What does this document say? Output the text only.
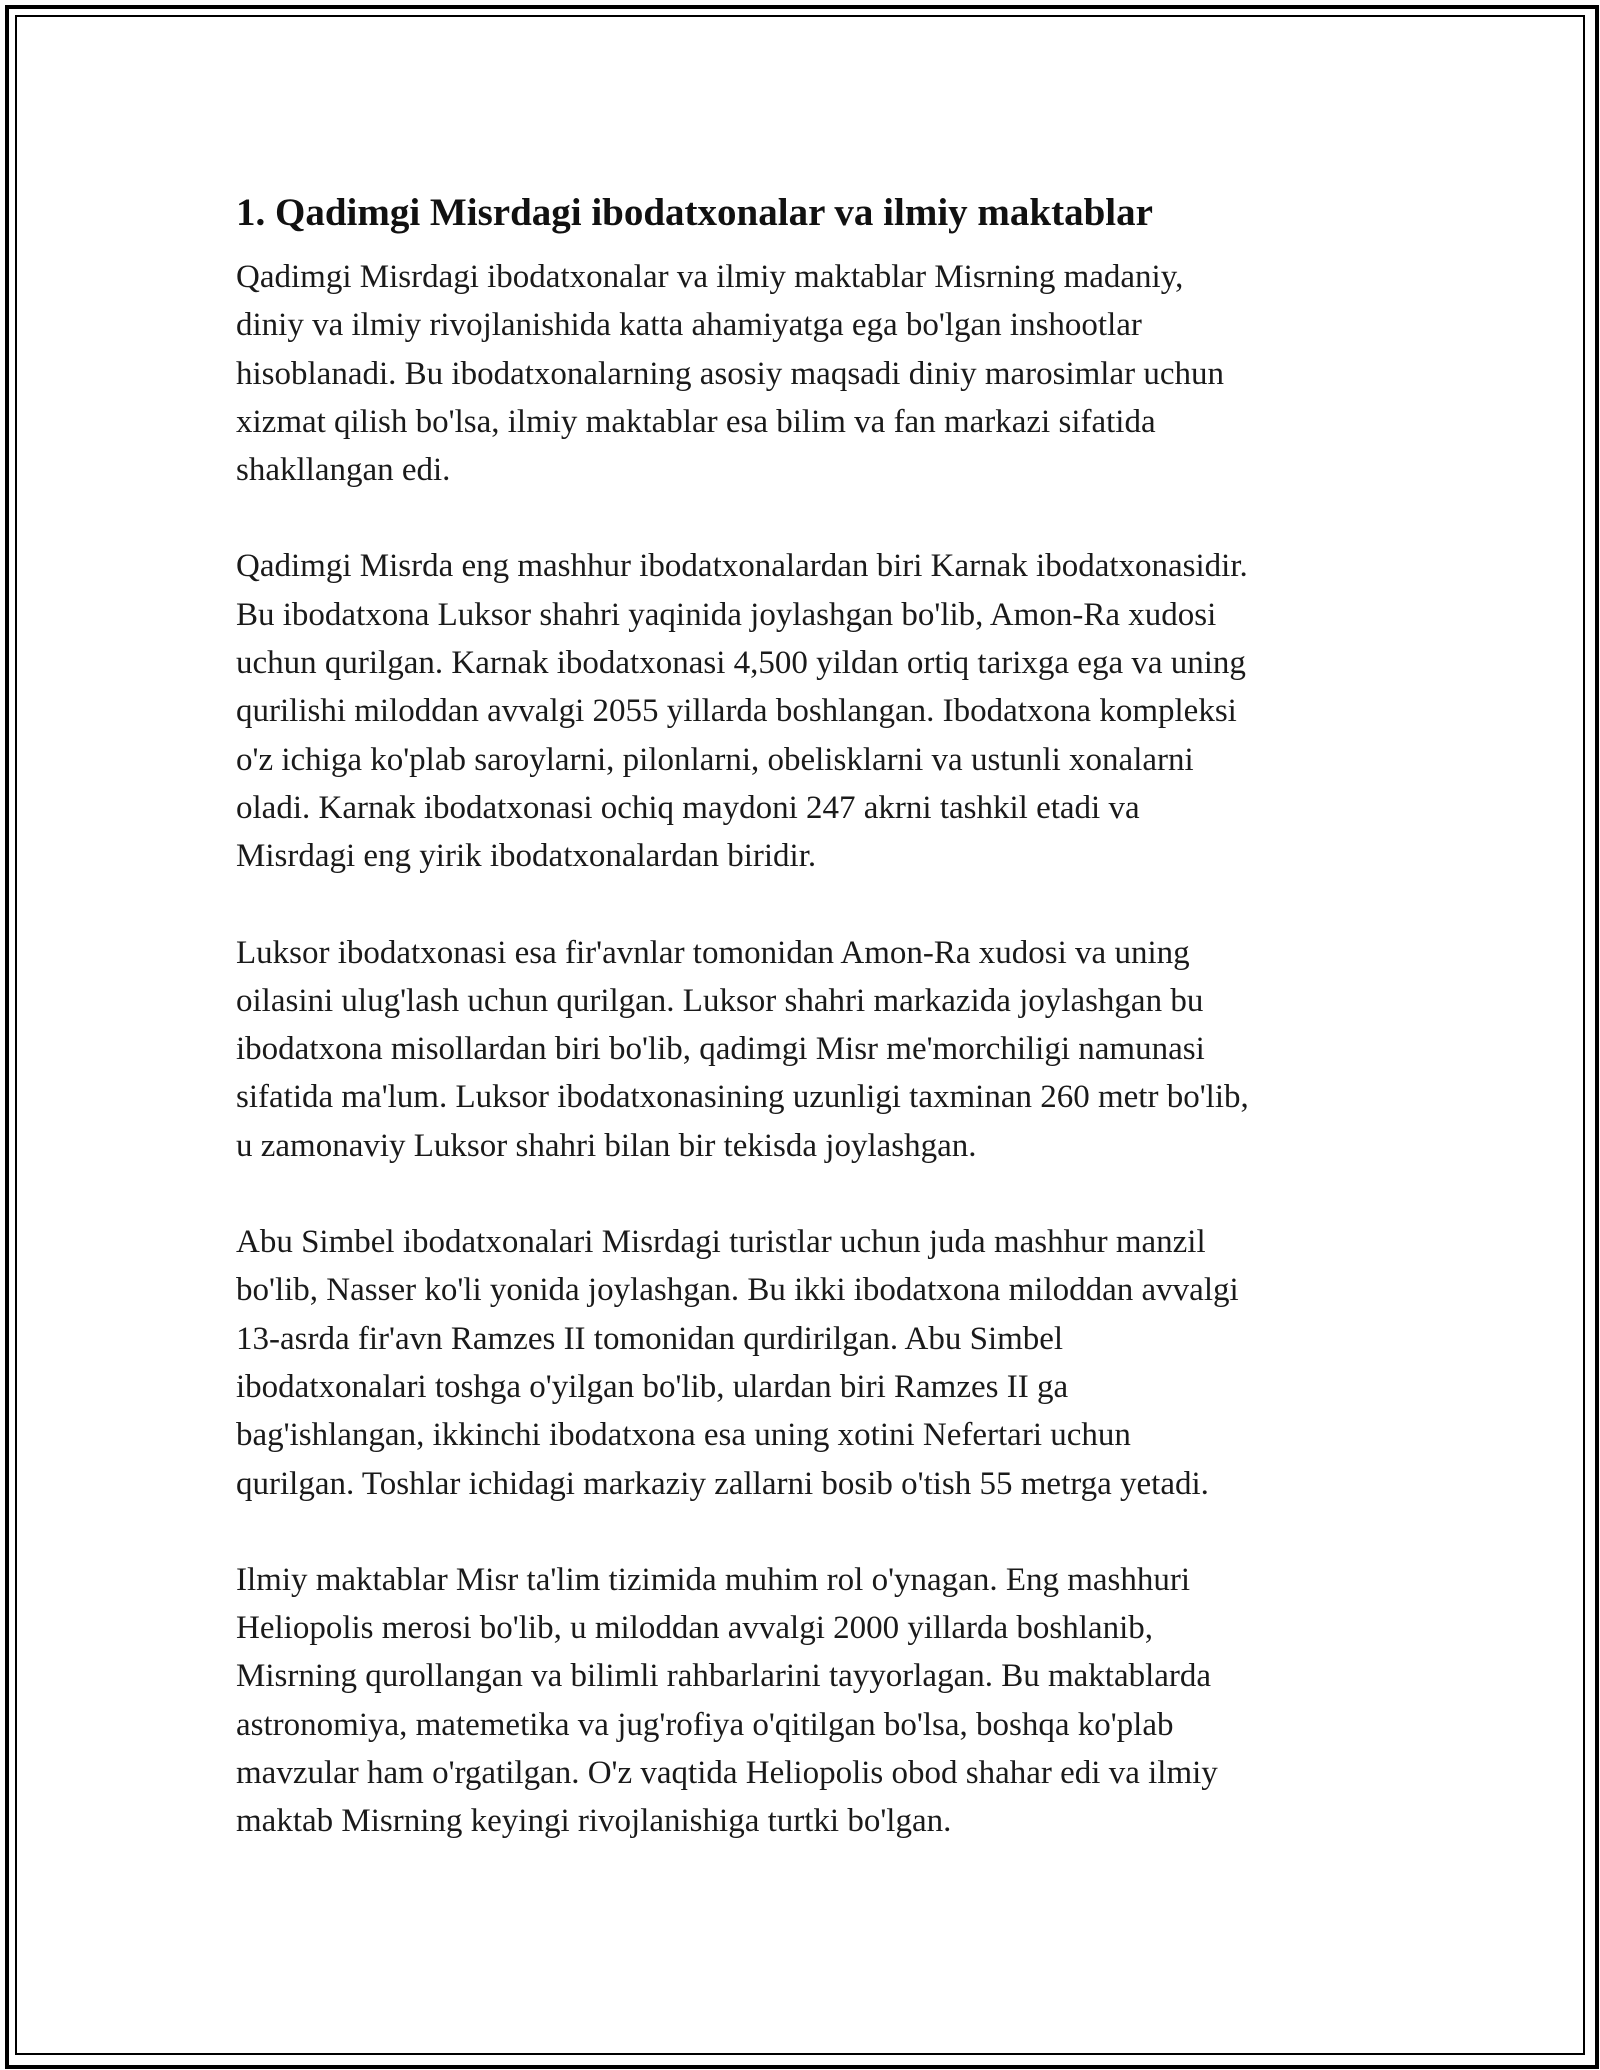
1. Qadimgi Misrdagi ibodatxonalar va ilmiy maktablar
Qadimgi Misrdagi ibodatxonalar va ilmiy maktablar Misrning madaniy,
diniy va ilmiy rivojlanishida katta ahamiyatga ega bo'lgan inshootlar
hisoblanadi. Bu ibodatxonalarning asosiy maqsadi diniy marosimlar uchun
xizmat qilish bo'lsa, ilmiy maktablar esa bilim va fan markazi sifatida
shakllangan edi.
Qadimgi Misrda eng mashhur ibodatxonalardan biri Karnak ibodatxonasidir.
Bu ibodatxona Luksor shahri yaqinida joylashgan bo'lib, Amon-Ra xudosi
uchun qurilgan. Karnak ibodatxonasi 4,500 yildan ortiq tarixga ega va uning
qurilishi miloddan avvalgi 2055 yillarda boshlangan. Ibodatxona kompleksi
o'z ichiga ko'plab saroylarni, pilonlarni, obelisklarni va ustunli xonalarni
oladi. Karnak ibodatxonasi ochiq maydoni 247 akrni tashkil etadi va
Misrdagi eng yirik ibodatxonalardan biridir.
Luksor ibodatxonasi esa fir'avnlar tomonidan Amon-Ra xudosi va uning
oilasini ulug'lash uchun qurilgan. Luksor shahri markazida joylashgan bu
ibodatxona misollardan biri bo'lib, qadimgi Misr me'morchiligi namunasi
sifatida ma'lum. Luksor ibodatxonasining uzunligi taxminan 260 metr bo'lib,
u zamonaviy Luksor shahri bilan bir tekisda joylashgan.
Abu Simbel ibodatxonalari Misrdagi turistlar uchun juda mashhur manzil
bo'lib, Nasser ko'li yonida joylashgan. Bu ikki ibodatxona miloddan avvalgi
13-asrda fir'avn Ramzes II tomonidan qurdirilgan. Abu Simbel
ibodatxonalari toshga o'yilgan bo'lib, ulardan biri Ramzes II ga
bag'ishlangan, ikkinchi ibodatxona esa uning xotini Nefertari uchun
qurilgan. Toshlar ichidagi markaziy zallarni bosib o'tish 55 metrga yetadi.
Ilmiy maktablar Misr ta'lim tizimida muhim rol o'ynagan. Eng mashhuri
Heliopolis merosi bo'lib, u miloddan avvalgi 2000 yillarda boshlanib,
Misrning qurollangan va bilimli rahbarlarini tayyorlagan. Bu maktablarda
astronomiya, matemetika va jug'rofiya o'qitilgan bo'lsa, boshqa ko'plab
mavzular ham o'rgatilgan. O'z vaqtida Heliopolis obod shahar edi va ilmiy
maktab Misrning keyingi rivojlanishiga turtki bo'lgan.
